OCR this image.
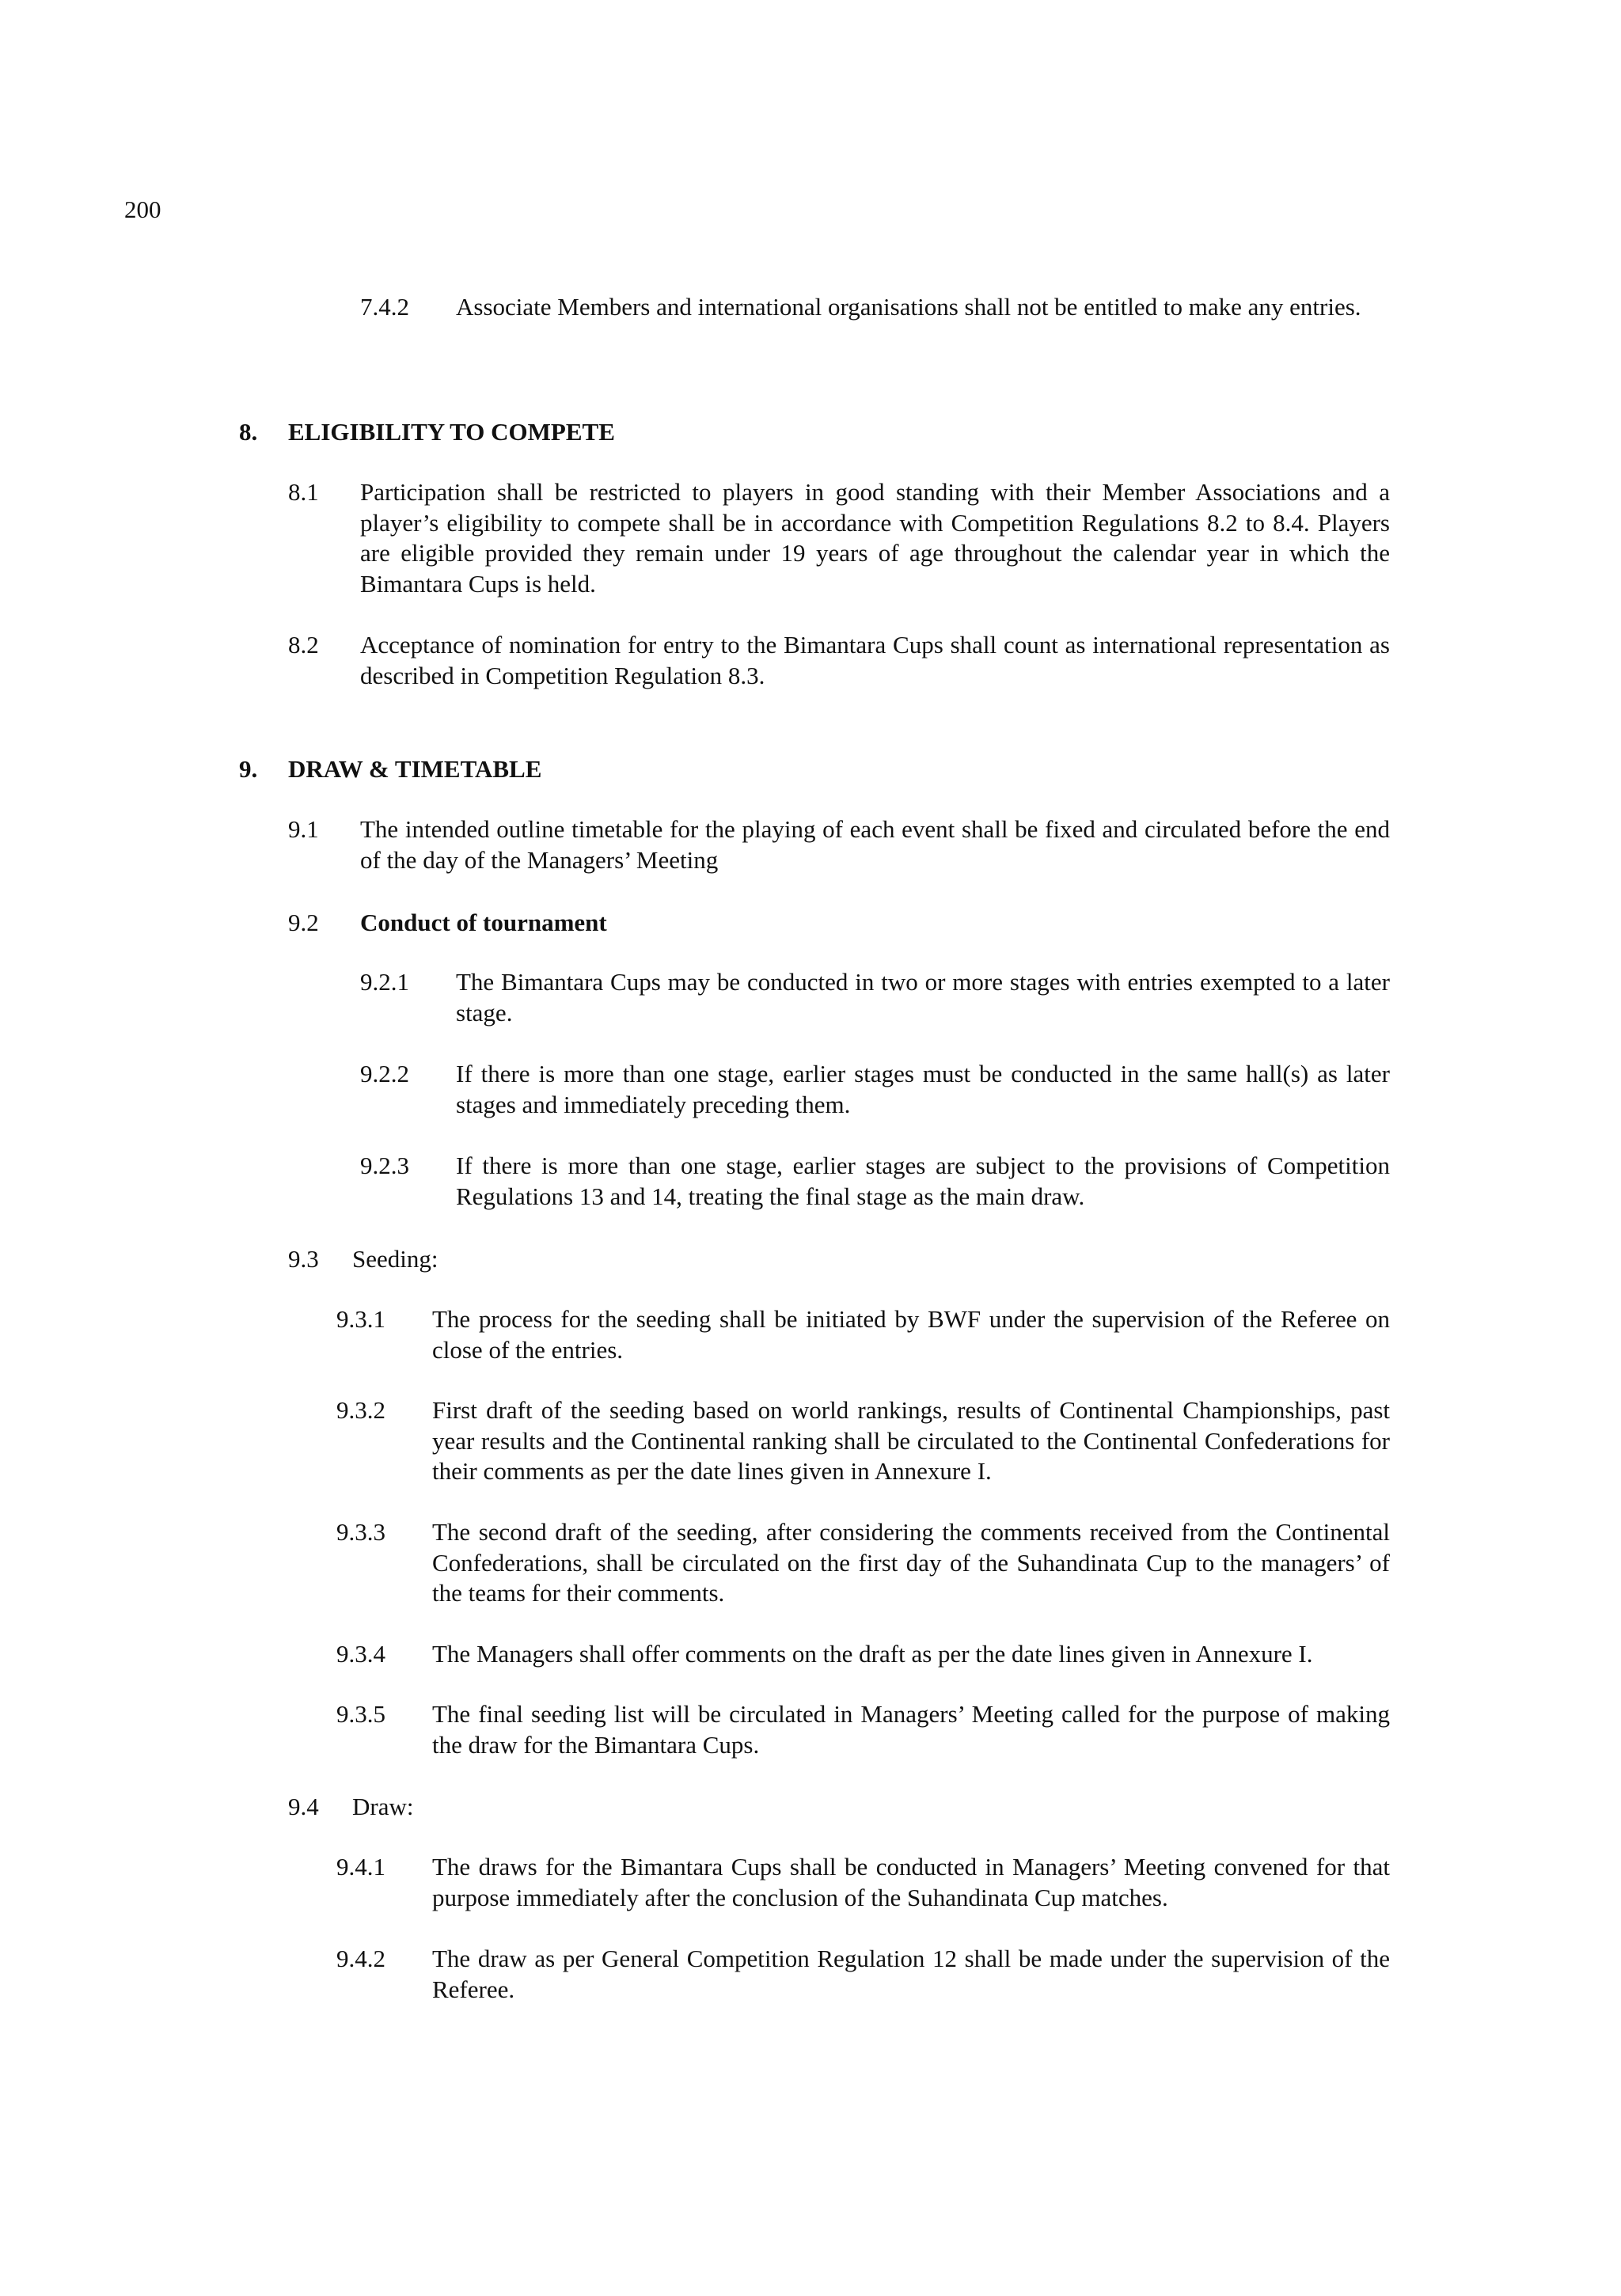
200
7.4.2 Associate Members and international organisations shall not be entitled to make any entries.
8. ELIGIBILITY TO COMPETE
8.1 Participation shall be restricted to players in good standing with their Member Associations and a player’s eligibility to compete shall be in accordance with Competition Regulations 8.2 to 8.4. Players are eligible provided they remain under 19 years of age throughout the calendar year in which the Bimantara Cups is held.
8.2 Acceptance of nomination for entry to the Bimantara Cups shall count as international representation as described in Competition Regulation 8.3.
9. DRAW & TIMETABLE
9.1 The intended outline timetable for the playing of each event shall be fixed and circulated before the end of the day of the Managers’ Meeting
9.2 Conduct of tournament
9.2.1 The Bimantara Cups may be conducted in two or more stages with entries exempted to a later stage.
9.2.2 If there is more than one stage, earlier stages must be conducted in the same hall(s) as later stages and immediately preceding them.
9.2.3 If there is more than one stage, earlier stages are subject to the provisions of Competition Regulations 13 and 14, treating the final stage as the main draw.
9.3 Seeding:
9.3.1 The process for the seeding shall be initiated by BWF under the supervision of the Referee on close of the entries.
9.3.2 First draft of the seeding based on world rankings, results of Continental Championships, past year results and the Continental ranking shall be circulated to the Continental Confederations for their comments as per the date lines given in Annexure I.
9.3.3 The second draft of the seeding, after considering the comments received from the Continental Confederations, shall be circulated on the first day of the Suhandinata Cup to the managers’ of the teams for their comments.
9.3.4 The Managers shall offer comments on the draft as per the date lines given in Annexure I.
9.3.5 The final seeding list will be circulated in Managers’ Meeting called for the purpose of making the draw for the Bimantara Cups.
9.4 Draw:
9.4.1 The draws for the Bimantara Cups shall be conducted in Managers’ Meeting convened for that purpose immediately after the conclusion of the Suhandinata Cup matches.
9.4.2 The draw as per General Competition Regulation 12 shall be made under the supervision of the Referee.
